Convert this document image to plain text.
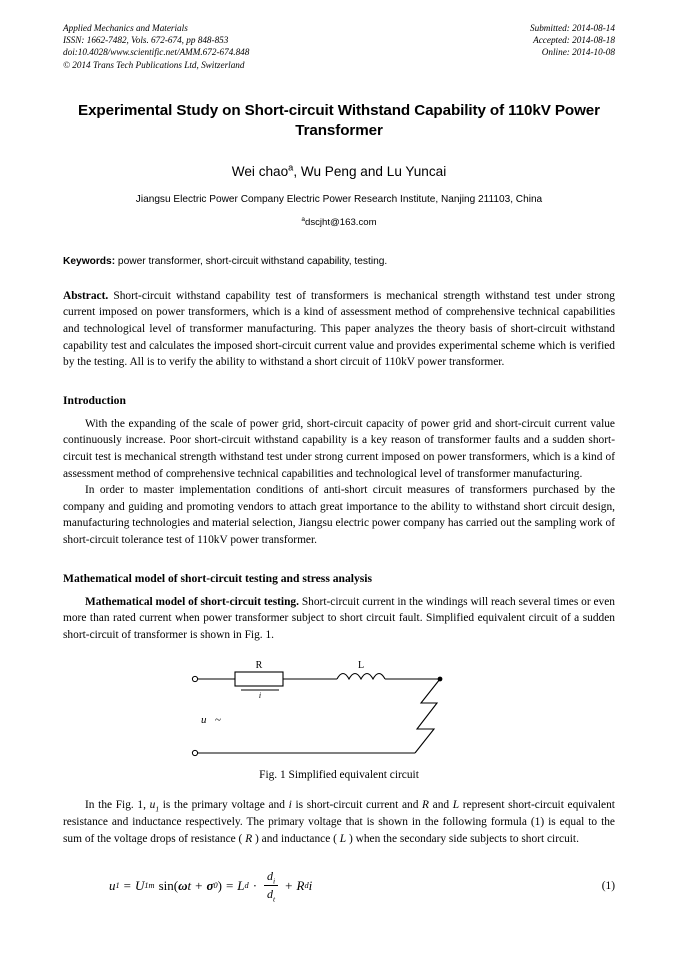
Applied Mechanics and Materials
ISSN: 1662-7482, Vols. 672-674, pp 848-853
doi:10.4028/www.scientific.net/AMM.672-674.848
© 2014 Trans Tech Publications Ltd, Switzerland
Submitted: 2014-08-14
Accepted: 2014-08-18
Online: 2014-10-08
Experimental Study on Short-circuit Withstand Capability of 110kV Power Transformer
Wei chao$^a$, Wu Peng and Lu Yuncai
Jiangsu Electric Power Company Electric Power Research Institute, Nanjing 211103, China
$^a$dscjht@163.com
Keywords: power transformer, short-circuit withstand capability, testing.
Abstract. Short-circuit withstand capability test of transformers is mechanical strength withstand test under strong current imposed on power transformers, which is a kind of assessment method of comprehensive technical capabilities and technological level of transformer manufacturing. This paper analyzes the theory basis of short-circuit withstand capability test and calculates the imposed short-circuit current value and provides experimental scheme which is verified by the testing. All is to verify the ability to withstand a short circuit of 110kV power transformer.
Introduction

With the expanding of the scale of power grid, short-circuit capacity of power grid and short-circuit current value continuously increase. Poor short-circuit withstand capability is a key reason of transformer faults and a sudden short-circuit test is mechanical strength withstand test under strong current imposed on power transformers, which is a kind of assessment method of comprehensive technical capabilities and technological level of transformer manufacturing.

In order to master implementation conditions of anti-short circuit measures of transformers purchased by the company and guiding and promoting vendors to attach great importance to the ability to withstand short circuit design, manufacturing technologies and material selection, Jiangsu electric power company has carried out the sampling work of short-circuit tolerance test of 110kV power transformer.

Mathematical model of short-circuit testing and stress analysis

Mathematical model of short-circuit testing. Short-circuit current in the windings will reach several times or even more than rated current when power transformer subject to short circuit fault. Simplified equivalent circuit of a sudden short-circuit of transformer is shown in Fig. 1.

R	L
i
u ~
Fig. 1 Simplified equivalent circuit

In the Fig. 1, $u_1$ is the primary voltage and i is short-circuit current and R and L represent short-circuit equivalent resistance and inductance respectively. The primary voltage that is shown in the following formula (1) is equal to the sum of the voltage drops of resistance ( R ) and inductance ( L ) when the secondary side subjects to short circuit.

u 1 = U 1m sin( ω t + σ 0 ) = L $d \cdot \frac{d_i}{d_t} + R$ d i	(1)
